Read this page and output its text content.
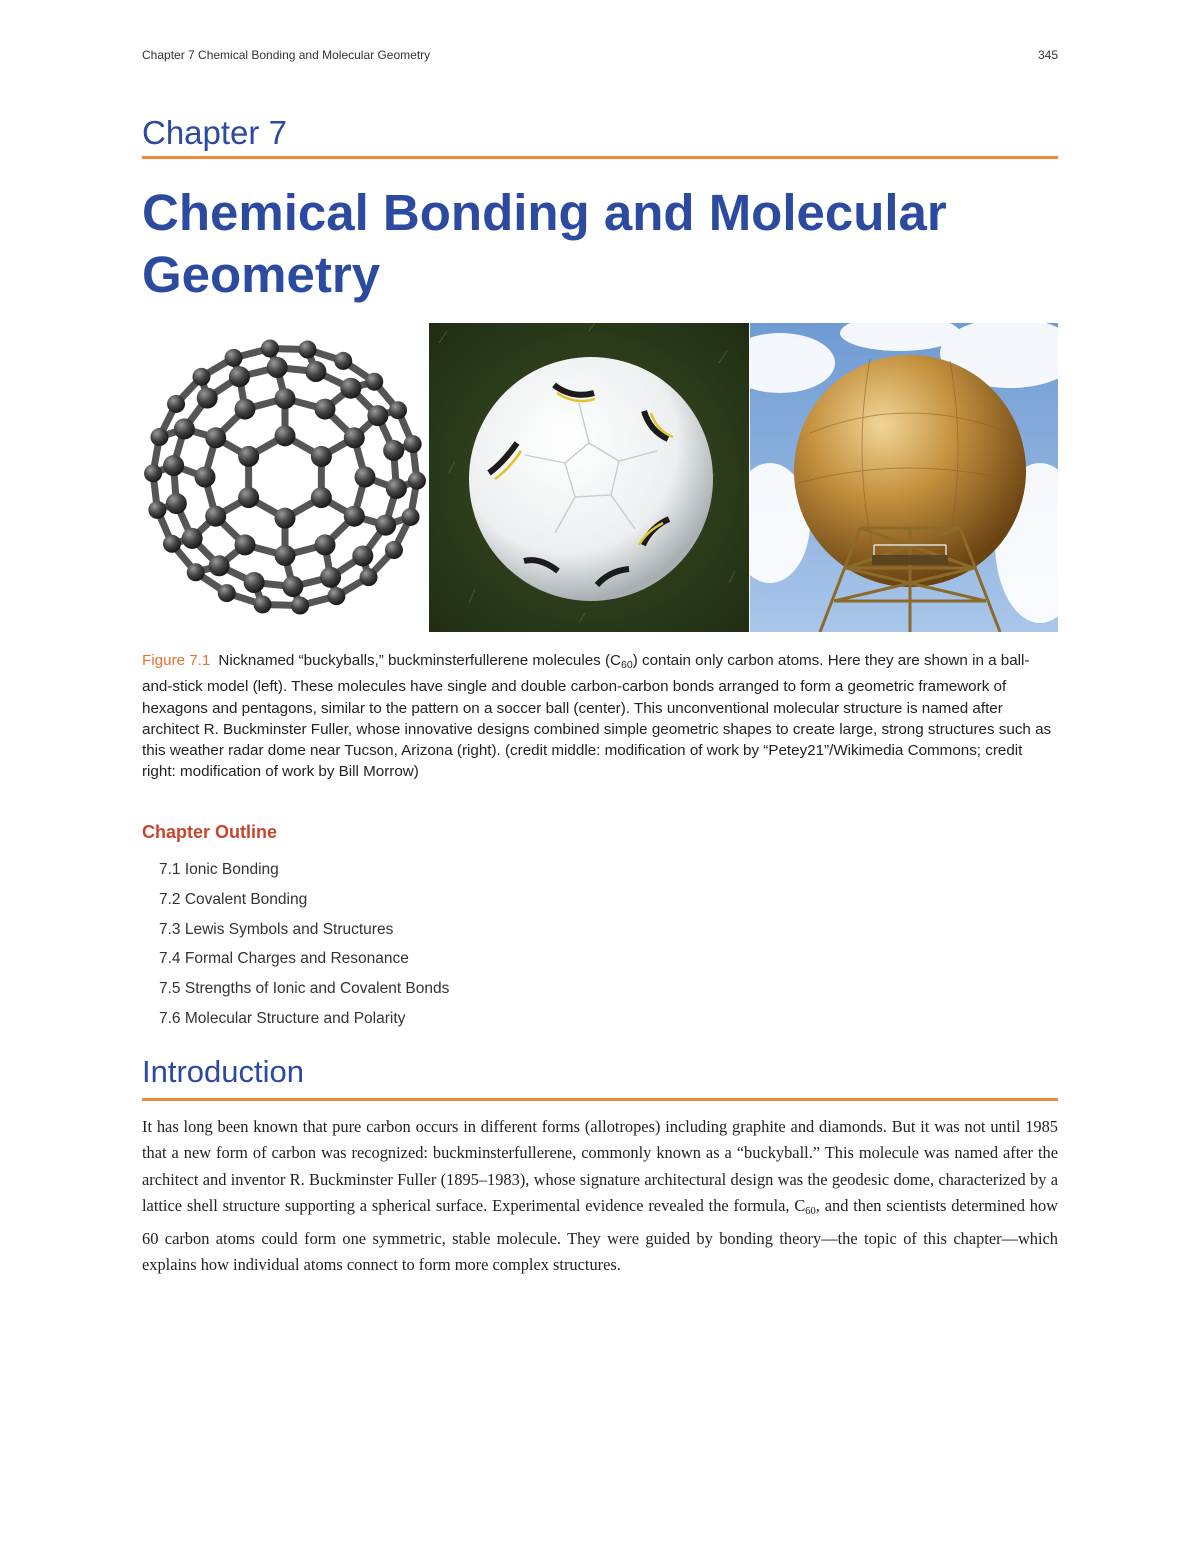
Chapter 7 Chemical Bonding and Molecular Geometry	345
Chapter 7
Chemical Bonding and Molecular Geometry
Figure 7.1 Nicknamed “buckyballs,” buckminsterfullerene molecules $(C_{60})$ contain only carbon atoms. Here they are shown in a ball-and-stick model (left). These molecules have single and double carbon-carbon bonds arranged to form a geometric framework of hexagons and pentagons, similar to the pattern on a soccer ball (center). This unconventional molecular structure is named after architect R. Buckminster Fuller, whose innovative designs combined simple geometric shapes to create large, strong structures such as this weather radar dome near Tucson, Arizona (right). (credit middle: modification of work by “Petey21”/Wikimedia Commons; credit right: modification of work by Bill Morrow)
Chapter Outline
7.1 Ionic Bonding
7.2 Covalent Bonding
7.3 Lewis Symbols and Structures
7.4 Formal Charges and Resonance
7.5 Strengths of Ionic and Covalent Bonds
7.6 Molecular Structure and Polarity
Introduction

It has long been known that pure carbon occurs in different forms (allotropes) including graphite and diamonds. But it was not until 1985 that a new form of carbon was recognized: buckminsterfullerene, commonly known as a “buckyball.” This molecule was named after the architect and inventor R. Buckminster Fuller (1895–1983), whose signature architectural design was the geodesic dome, characterized by a lattice shell structure supporting a spherical surface. Experimental evidence revealed the formula, $C_{60}$, and then scientists determined how 60 carbon atoms could form one symmetric, stable molecule. They were guided by bonding theory—the topic of this chapter—which explains how individual atoms connect to form more complex structures.
